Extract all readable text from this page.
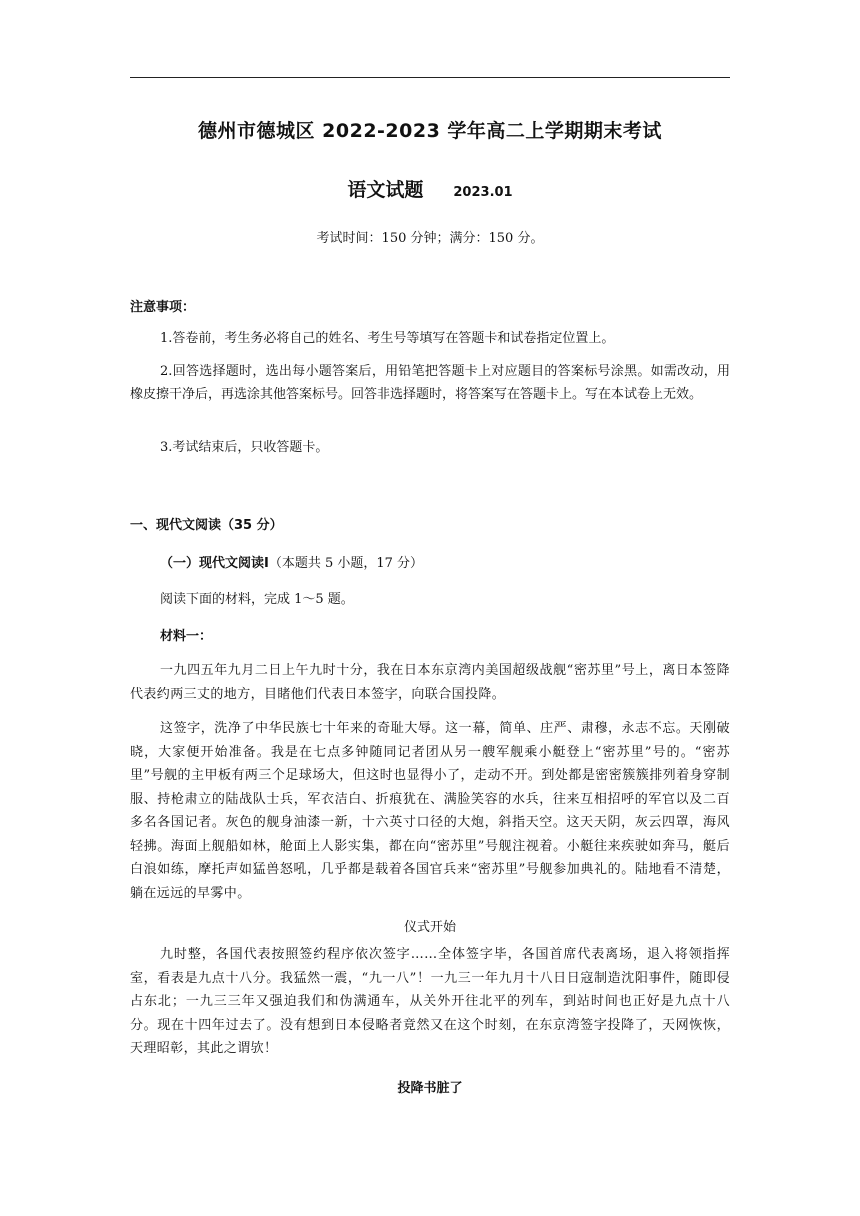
德州市德城区 2022-2023 学年高二上学期期末考试
语文试题 2023.01
考试时间：150 分钟；满分：150 分。
注意事项：

1.答卷前，考生务必将自己的姓名、考生号等填写在答题卡和试卷指定位置上。

2.回答选择题时，选出每小题答案后，用铅笔把答题卡上对应题目的答案标号涂黑。如需改动，用橡皮擦干净后，再选涂其他答案标号。回答非选择题时，将答案写在答题卡上。写在本试卷上无效。

3.考试结束后，只收答题卡。

一、现代文阅读（35 分）
（一）现代文阅读Ⅰ（本题共 5 小题，17 分）
阅读下面的材料，完成 1～5 题。
材料一：

一九四五年九月二日上午九时十分，我在日本东京湾内美国超级战舰“密苏里”号上，离日本签降代表约两三丈的地方，目睹他们代表日本签字，向联合国投降。

这签字，洗净了中华民族七十年来的奇耻大辱。这一幕，简单、庄严、肃穆，永志不忘。天刚破晓，大家便开始准备。我是在七点多钟随同记者团从另一艘军舰乘小艇登上“密苏里”号的。“密苏里”号舰的主甲板有两三个足球场大，但这时也显得小了，走动不开。到处都是密密簇簇排列着身穿制服、持枪肃立的陆战队士兵，军衣洁白、折痕犹在、满脸笑容的水兵，往来互相招呼的军官以及二百多名各国记者。灰色的舰身油漆一新，十六英寸口径的大炮，斜指天空。这天天阴，灰云四罩，海风轻拂。海面上舰船如林，舱面上人影实集，都在向“密苏里”号舰注视着。小艇往来疾驶如奔马，艇后白浪如练，摩托声如猛兽怒吼，几乎都是载着各国官兵来“密苏里”号舰参加典礼的。陆地看不清楚，躺在远远的早雾中。

仪式开始

九时整，各国代表按照签约程序依次签字……全体签字毕，各国首席代表离场，退入将领指挥室，看表是九点十八分。我猛然一震，“九一八”！一九三一年九月十八日日寇制造沈阳事件，随即侵占东北；一九三三年又强迫我们和伪满通车，从关外开往北平的列车，到站时间也正好是九点十八分。现在十四年过去了。没有想到日本侵略者竟然又在这个时刻，在东京湾签字投降了，天网恢恢，天理昭彰，其此之谓欤！

投降书脏了
